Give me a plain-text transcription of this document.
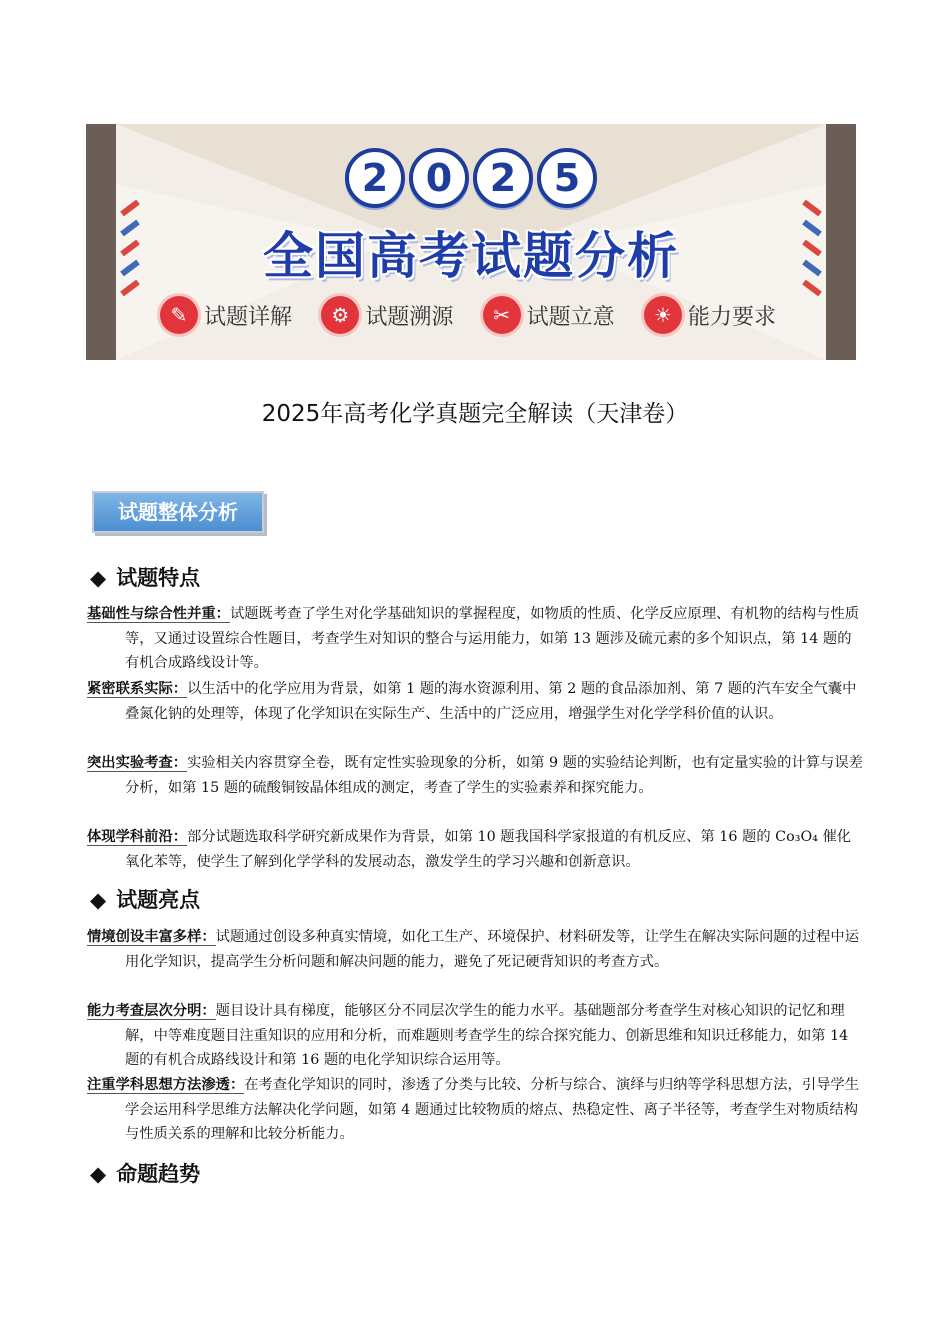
2 0 2 5
全国高考试题分析
✎ 试题详解	⚙ 试题溯源	✂ 试题立意	☀ 能力要求
2025年高考化学真题完全解读（天津卷）
试题整体分析
◆ 试题特点
基础性与综合性并重：试题既考查了学生对化学基础知识的掌握程度，如物质的性质、化学反应原理、有机物的结构与性质等，又通过设置综合性题目，考查学生对知识的整合与运用能力，如第 13 题涉及硫元素的多个知识点，第 14 题的有机合成路线设计等。
紧密联系实际：以生活中的化学应用为背景，如第 1 题的海水资源利用、第 2 题的食品添加剂、第 7 题的汽车安全气囊中叠氮化钠的处理等，体现了化学知识在实际生产、生活中的广泛应用，增强学生对化学学科价值的认识。
突出实验考查：实验相关内容贯穿全卷，既有定性实验现象的分析，如第 9 题的实验结论判断，也有定量实验的计算与误差分析，如第 15 题的硫酸铜铵晶体组成的测定，考查了学生的实验素养和探究能力。
体现学科前沿：部分试题选取科学研究新成果作为背景，如第 10 题我国科学家报道的有机反应、第 16 题的 Co₃O₄ 催化氧化苯等，使学生了解到化学学科的发展动态，激发学生的学习兴趣和创新意识。
◆ 试题亮点
情境创设丰富多样：试题通过创设多种真实情境，如化工生产、环境保护、材料研发等，让学生在解决实际问题的过程中运用化学知识，提高学生分析问题和解决问题的能力，避免了死记硬背知识的考查方式。
能力考查层次分明：题目设计具有梯度，能够区分不同层次学生的能力水平。基础题部分考查学生对核心知识的记忆和理解，中等难度题目注重知识的应用和分析，而难题则考查学生的综合探究能力、创新思维和知识迁移能力，如第 14 题的有机合成路线设计和第 16 题的电化学知识综合运用等。
注重学科思想方法渗透：在考查化学知识的同时，渗透了分类与比较、分析与综合、演绎与归纳等学科思想方法，引导学生学会运用科学思维方法解决化学问题，如第 4 题通过比较物质的熔点、热稳定性、离子半径等，考查学生对物质结构与性质关系的理解和比较分析能力。
◆ 命题趋势
